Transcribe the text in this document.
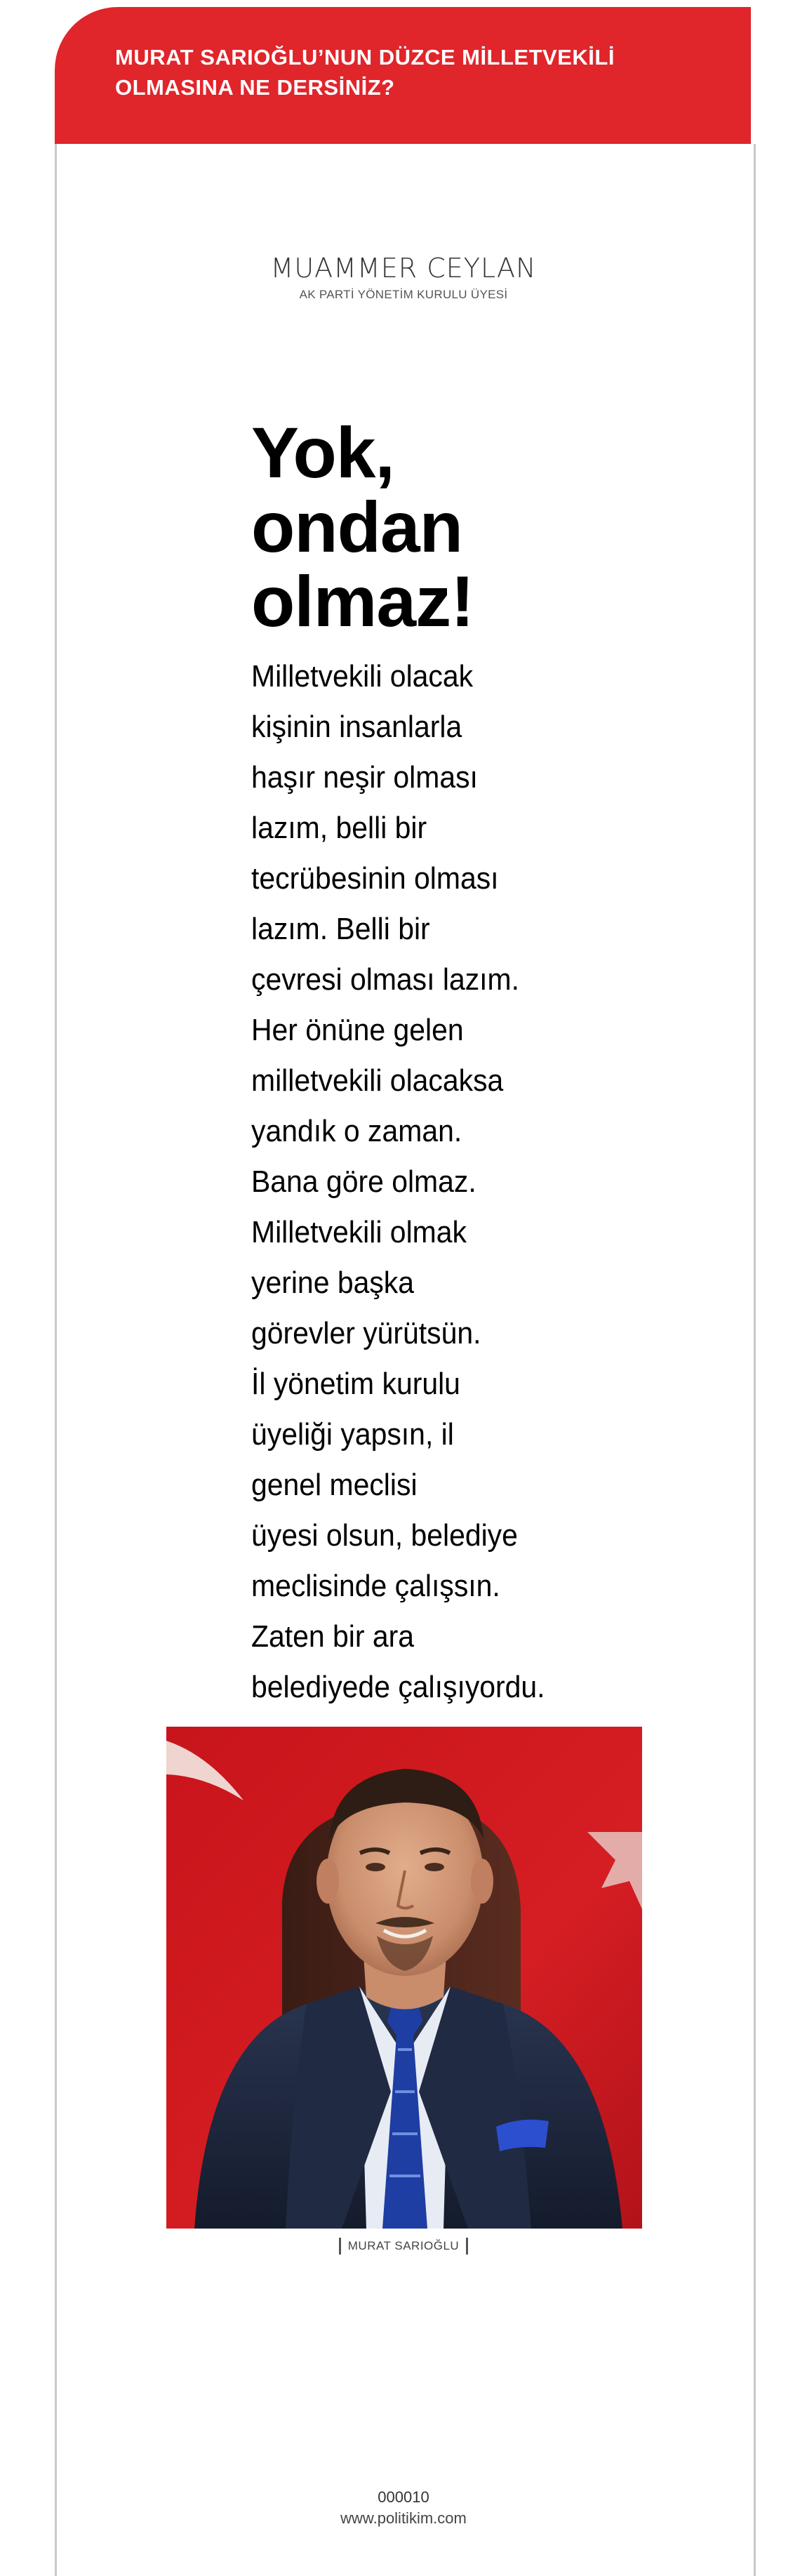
MURAT SARIOĞLU’NUN DÜZCE MİLLETVEKİLİ
OLMASINA NE DERSİNİZ?

MUAMMER CEYLAN
AK PARTİ YÖNETİM KURULU ÜYESİ
Yok,
ondan
olmaz!
Milletvekili olacak
kişinin insanlarla
haşır neşir olması
lazım, belli bir
tecrübesinin olması
lazım. Belli bir
çevresi olması lazım.
Her önüne gelen
milletvekili olacaksa
yandık o zaman.
Bana göre olmaz.
Milletvekili olmak
yerine başka
görevler yürütsün.
İl yönetim kurulu
üyeliği yapsın, il
genel meclisi
üyesi olsun, belediye
meclisinde çalışsın.
Zaten bir ara
belediyede çalışıyordu.
MURAT SARIOĞLU
000010
www.politikim.com
